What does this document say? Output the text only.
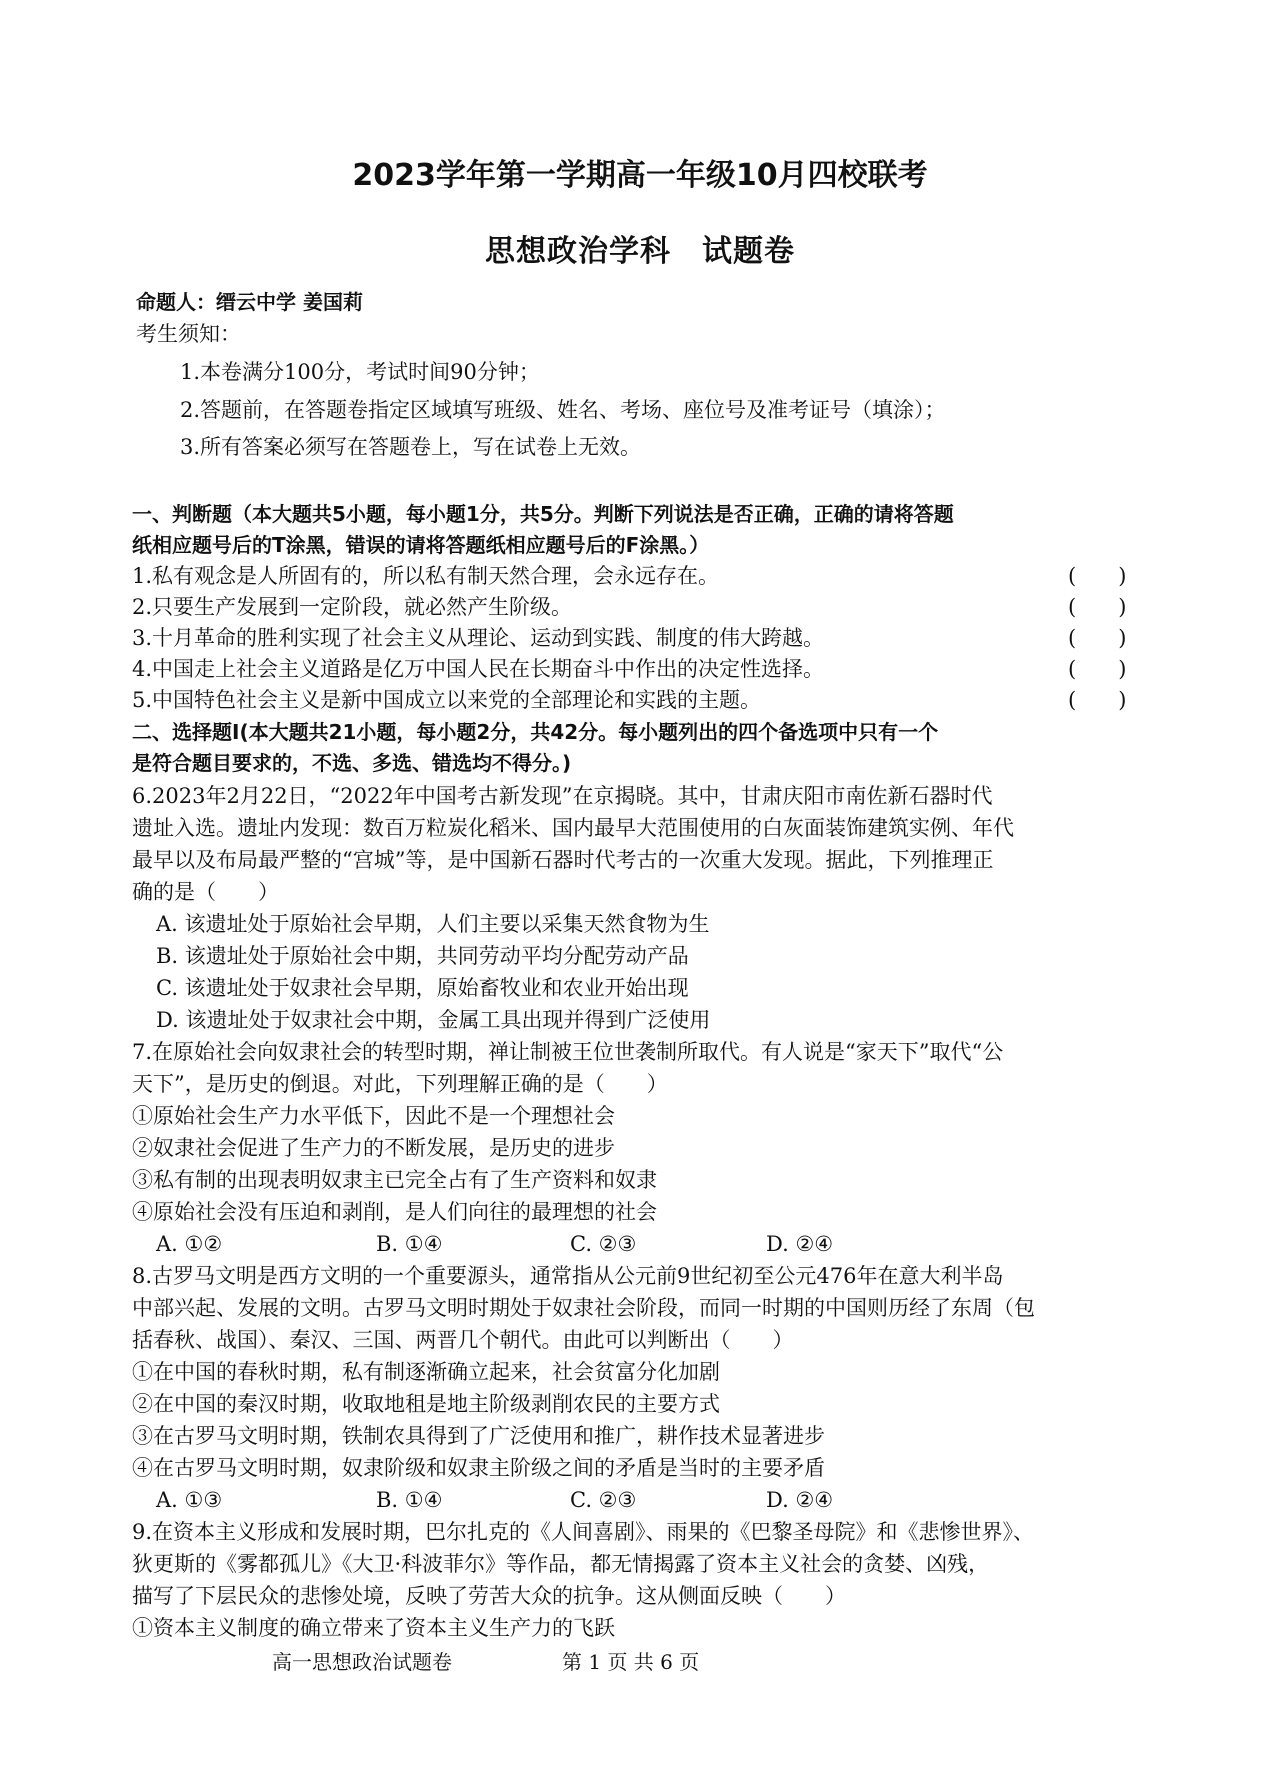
2023学年第一学期高一年级10月四校联考
思想政治学科　试题卷
命题人：缙云中学 姜国莉
考生须知：
1.本卷满分100分，考试时间90分钟；
2.答题前，在答题卷指定区域填写班级、姓名、考场、座位号及准考证号（填涂）；
3.所有答案必须写在答题卷上，写在试卷上无效。
一、判断题（本大题共5小题，每小题1分，共5分。判断下列说法是否正确，正确的请将答题
纸相应题号后的T涂黑，错误的请将答题纸相应题号后的F涂黑。）
1.私有观念是人所固有的，所以私有制天然合理，会永远存在。	(　　)
2.只要生产发展到一定阶段，就必然产生阶级。	(　　)
3.十月革命的胜利实现了社会主义从理论、运动到实践、制度的伟大跨越。	(　　)
4.中国走上社会主义道路是亿万中国人民在长期奋斗中作出的决定性选择。	(　　)
5.中国特色社会主义是新中国成立以来党的全部理论和实践的主题。	(　　)
二、选择题Ⅰ(本大题共21小题，每小题2分，共42分。每小题列出的四个备选项中只有一个
是符合题目要求的，不选、多选、错选均不得分。)
6.2023年2月22日，“2022年中国考古新发现”在京揭晓。其中，甘肃庆阳市南佐新石器时代
遗址入选。遗址内发现：数百万粒炭化稻米、国内最早大范围使用的白灰面装饰建筑实例、年代
最早以及布局最严整的“宫城”等，是中国新石器时代考古的一次重大发现。据此，下列推理正
确的是（　　）
A. 该遗址处于原始社会早期，人们主要以采集天然食物为生
B. 该遗址处于原始社会中期，共同劳动平均分配劳动产品
C. 该遗址处于奴隶社会早期，原始畜牧业和农业开始出现
D. 该遗址处于奴隶社会中期，金属工具出现并得到广泛使用
7.在原始社会向奴隶社会的转型时期，禅让制被王位世袭制所取代。有人说是“家天下”取代“公
天下”，是历史的倒退。对此，下列理解正确的是（　　）
①原始社会生产力水平低下，因此不是一个理想社会
②奴隶社会促进了生产力的不断发展，是历史的进步
③私有制的出现表明奴隶主已完全占有了生产资料和奴隶
④原始社会没有压迫和剥削，是人们向往的最理想的社会
A. ①②	B. ①④	C. ②③	D. ②④
8.古罗马文明是西方文明的一个重要源头，通常指从公元前9世纪初至公元476年在意大利半岛
中部兴起、发展的文明。古罗马文明时期处于奴隶社会阶段，而同一时期的中国则历经了东周（包
括春秋、战国）、秦汉、三国、两晋几个朝代。由此可以判断出（　　）
①在中国的春秋时期，私有制逐渐确立起来，社会贫富分化加剧
②在中国的秦汉时期，收取地租是地主阶级剥削农民的主要方式
③在古罗马文明时期，铁制农具得到了广泛使用和推广，耕作技术显著进步
④在古罗马文明时期，奴隶阶级和奴隶主阶级之间的矛盾是当时的主要矛盾
A. ①③	B. ①④	C. ②③	D. ②④
9.在资本主义形成和发展时期，巴尔扎克的《人间喜剧》、雨果的《巴黎圣母院》和《悲惨世界》、
狄更斯的《雾都孤儿》《大卫·科波菲尔》等作品，都无情揭露了资本主义社会的贪婪、凶残，
描写了下层民众的悲惨处境，反映了劳苦大众的抗争。这从侧面反映（　　）
①资本主义制度的确立带来了资本主义生产力的飞跃
高一思想政治试题卷	第 1 页 共 6 页
